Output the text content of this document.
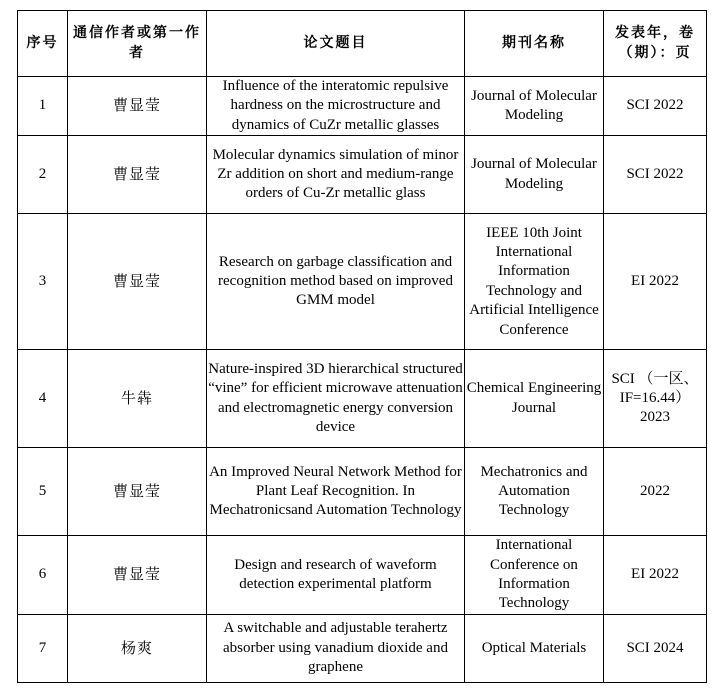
序号	通信作者或第一作者	论文题目	期刊名称	发表年，卷（期）：页
1	曹显莹	Influence of the interatomic repulsive hardness on the microstructure and dynamics of CuZr metallic glasses	Journal of Molecular Modeling	SCI 2022
2	曹显莹	Molecular dynamics simulation of minor Zr addition on short and medium-range orders of Cu-Zr metallic glass	Journal of Molecular Modeling	SCI 2022
3	曹显莹	Research on garbage classification and recognition method based on improved GMM model	IEEE 10th Joint International Information Technology and Artificial Intelligence Conference	EI 2022
4	牛犇	Nature-inspired 3D hierarchical structured “vine” for efficient microwave attenuation and electromagnetic energy conversion device	Chemical Engineering Journal	SCI （一区、IF=16.44） 2023
5	曹显莹	An Improved Neural Network Method for Plant Leaf Recognition. In Mechatronicsand Automation Technology	Mechatronics and Automation Technology	2022
6	曹显莹	Design and research of waveform detection experimental platform	International Conference on Information Technology	EI 2022
7	杨爽	A switchable and adjustable terahertz absorber using vanadium dioxide and graphene	Optical Materials	SCI 2024
